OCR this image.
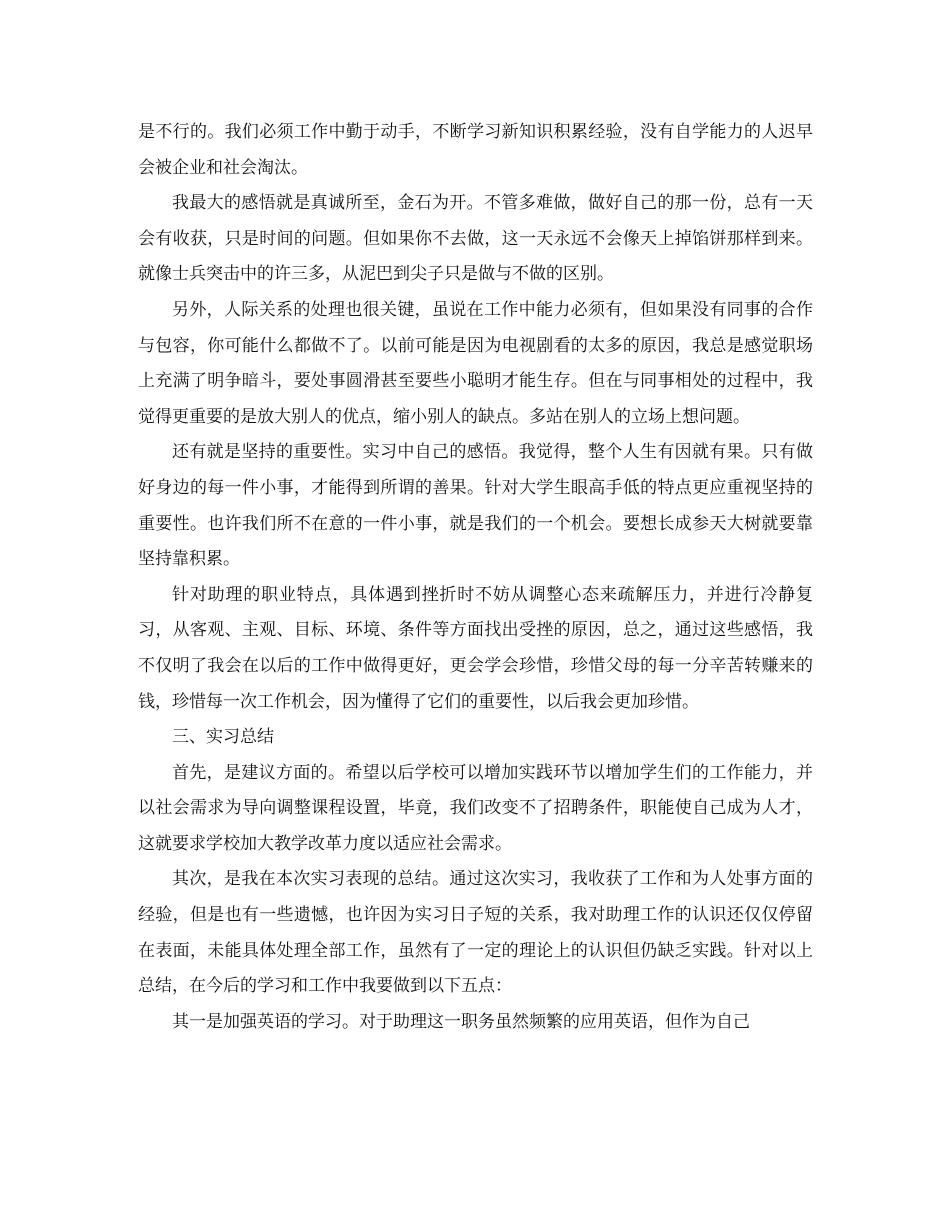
是不行的。我们必须工作中勤于动手，不断学习新知识积累经验，没有自学能力的人迟早会被企业和社会淘汰。

我最大的感悟就是真诚所至，金石为开。不管多难做，做好自己的那一份，总有一天会有收获，只是时间的问题。但如果你不去做，这一天永远不会像天上掉馅饼那样到来。就像士兵突击中的许三多，从泥巴到尖子只是做与不做的区别。

另外，人际关系的处理也很关键，虽说在工作中能力必须有，但如果没有同事的合作与包容，你可能什么都做不了。以前可能是因为电视剧看的太多的原因，我总是感觉职场上充满了明争暗斗，要处事圆滑甚至要些小聪明才能生存。但在与同事相处的过程中，我觉得更重要的是放大别人的优点，缩小别人的缺点。多站在别人的立场上想问题。

还有就是坚持的重要性。实习中自己的感悟。我觉得，整个人生有因就有果。只有做好身边的每一件小事，才能得到所谓的善果。针对大学生眼高手低的特点更应重视坚持的重要性。也许我们所不在意的一件小事，就是我们的一个机会。要想长成参天大树就要靠坚持靠积累。

针对助理的职业特点，具体遇到挫折时不妨从调整心态来疏解压力，并进行冷静复习，从客观、主观、目标、环境、条件等方面找出受挫的原因，总之，通过这些感悟，我不仅明了我会在以后的工作中做得更好，更会学会珍惜，珍惜父母的每一分辛苦转赚来的钱，珍惜每一次工作机会，因为懂得了它们的重要性，以后我会更加珍惜。

三、实习总结

首先，是建议方面的。希望以后学校可以增加实践环节以增加学生们的工作能力，并以社会需求为导向调整课程设置，毕竟，我们改变不了招聘条件，职能使自己成为人才，这就要求学校加大教学改革力度以适应社会需求。

其次，是我在本次实习表现的总结。通过这次实习，我收获了工作和为人处事方面的经验，但是也有一些遗憾，也许因为实习日子短的关系，我对助理工作的认识还仅仅停留在表面，未能具体处理全部工作，虽然有了一定的理论上的认识但仍缺乏实践。针对以上总结，在今后的学习和工作中我要做到以下五点：

其一是加强英语的学习。对于助理这一职务虽然频繁的应用英语，但作为自己
